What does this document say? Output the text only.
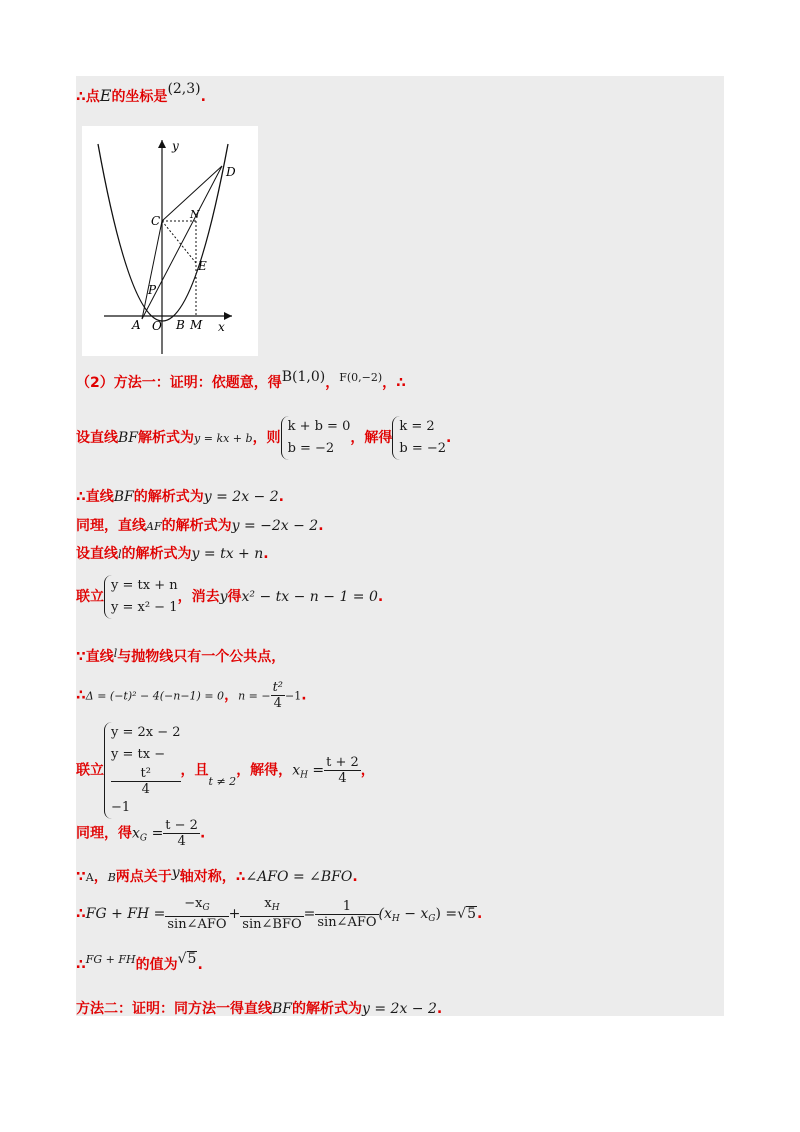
∴点E的坐标是(2,3).
y
x
D
C	N
E
P
A O B M
（2）方法一：证明：依题意，得B(1,0)，$^{F(0,-2)}$，∴
设直线BF解析式为y = kx + b，则
k + b = 0
b = −2
，解得
k = 2
b = −2
.
∴直线BF的解析式为y = 2x − 2.
同理，直线AF的解析式为y = −2x − 2.
设直线l的解析式为y = tx + n.
联立
y = tx + n
y = x² − 1
，消去y得x² − tx − n − 1 = 0.
∵直线$^l$与抛物线只有一个公共点，
∴Δ = (−t)² − 4(−n−1) = 0，n = − $\frac{\text{t²}}{4} -1$.
联立
y = 2x − 2
y = tx −
t²
4
−1
，且$_{t \ne 2}$，解得，$x_H = \frac{t + 2}{4}$ ，
同理，得$x_G = \frac{t - 2}{4}$ .
∵A，B两点关于y轴对称，∴∠AFO = ∠BFO.
∴FG + FH = $\frac{-x_G}{\text{sin∠AFO}} + \frac{x_H}{\text{sin∠BFO}} = \frac{1}{\text{sin∠AFO}} (x_H - x_G) =√5$.
∴$^{FG + FH}$的值为√5.
方法二：证明：同方法一得直线BF的解析式为y = 2x − 2.
